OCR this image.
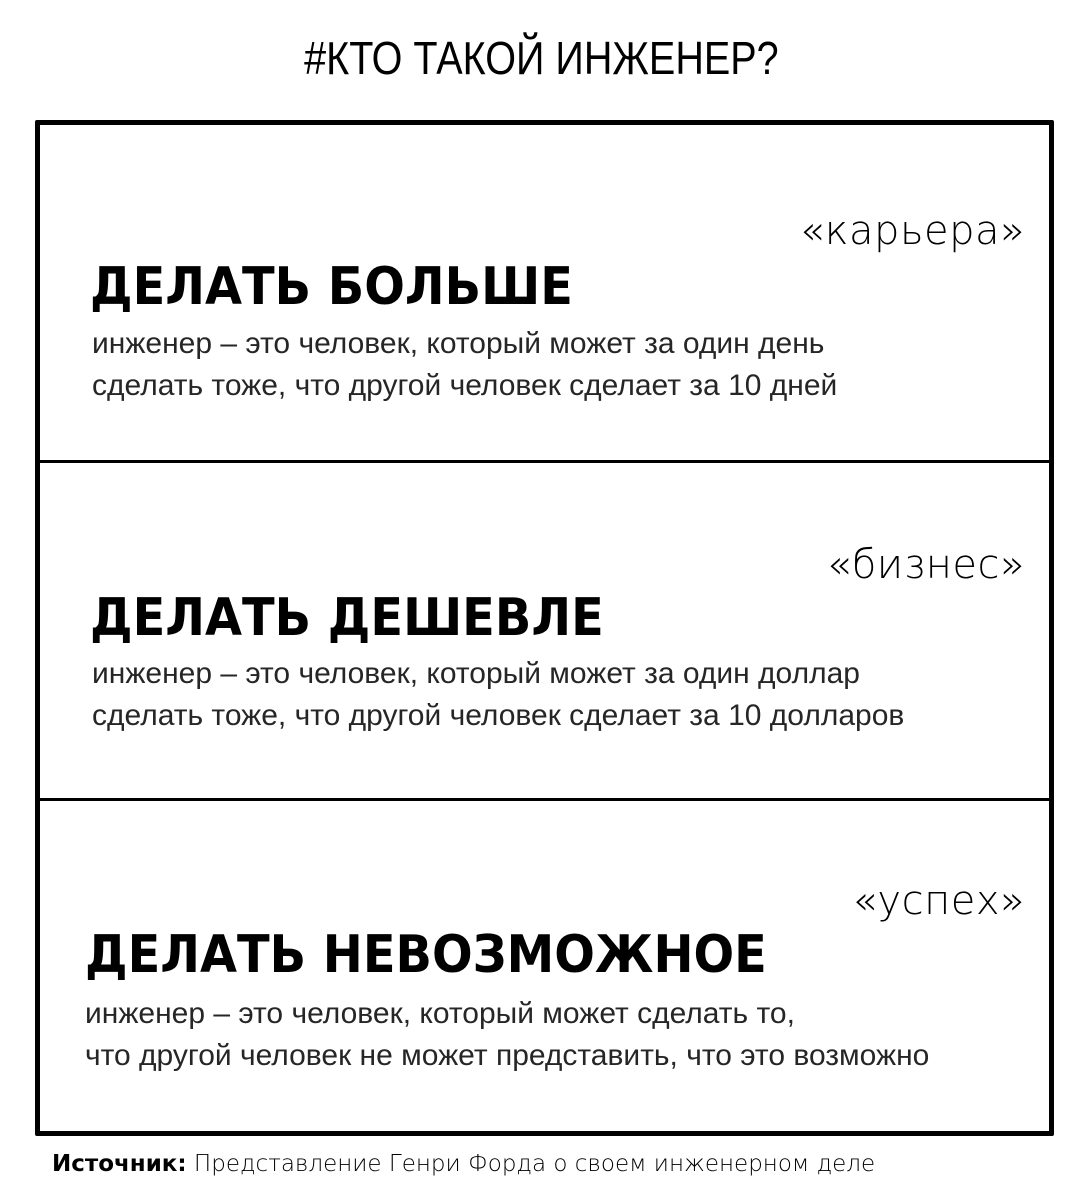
#КТО ТАКОЙ ИНЖЕНЕР?
«карьера»
ДЕЛАТЬ БОЛЬШЕ
инженер – это человек, который может за один день
сделать тоже, что другой человек сделает за 10 дней
«бизнес»
ДЕЛАТЬ ДЕШЕВЛЕ
инженер – это человек, который может за один доллар
сделать тоже, что другой человек сделает за 10 долларов
«успех»
ДЕЛАТЬ НЕВОЗМОЖНОЕ
инженер – это человек, который может сделать то,
что другой человек не может представить, что это возможно
Источник: Представление Генри Форда о своем инженерном деле
